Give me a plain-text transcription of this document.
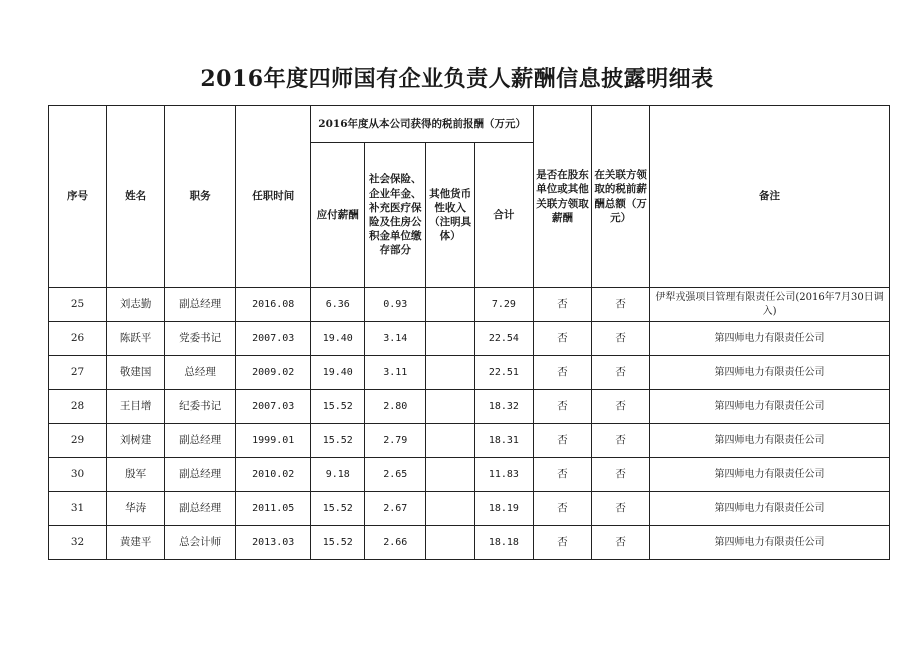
2016年度四师国有企业负责人薪酬信息披露明细表
序号	姓名	职务	任职时间	2016年度从本公司获得的税前报酬（万元）				是否在股东单位或其他关联方领取薪酬	在关联方领取的税前薪酬总额（万元）	备注
				应付薪酬	社会保险、企业年金、补充医疗保险及住房公积金单位缴存部分	其他货币性收入（注明具体）	合计			
25	刘志勤	副总经理	2016.08	6.36	0.93		7.29	否	否	伊犁戎强项目管理有限责任公司(2016年7月30日调入)
26	陈跃平	党委书记	2007.03	19.40	3.14		22.54	否	否	第四师电力有限责任公司
27	敬建国	总经理	2009.02	19.40	3.11		22.51	否	否	第四师电力有限责任公司
28	王目增	纪委书记	2007.03	15.52	2.80		18.32	否	否	第四师电力有限责任公司
29	刘树建	副总经理	1999.01	15.52	2.79		18.31	否	否	第四师电力有限责任公司
30	殷军	副总经理	2010.02	9.18	2.65		11.83	否	否	第四师电力有限责任公司
31	华涛	副总经理	2011.05	15.52	2.67		18.19	否	否	第四师电力有限责任公司
32	黄建平	总会计师	2013.03	15.52	2.66		18.18	否	否	第四师电力有限责任公司
